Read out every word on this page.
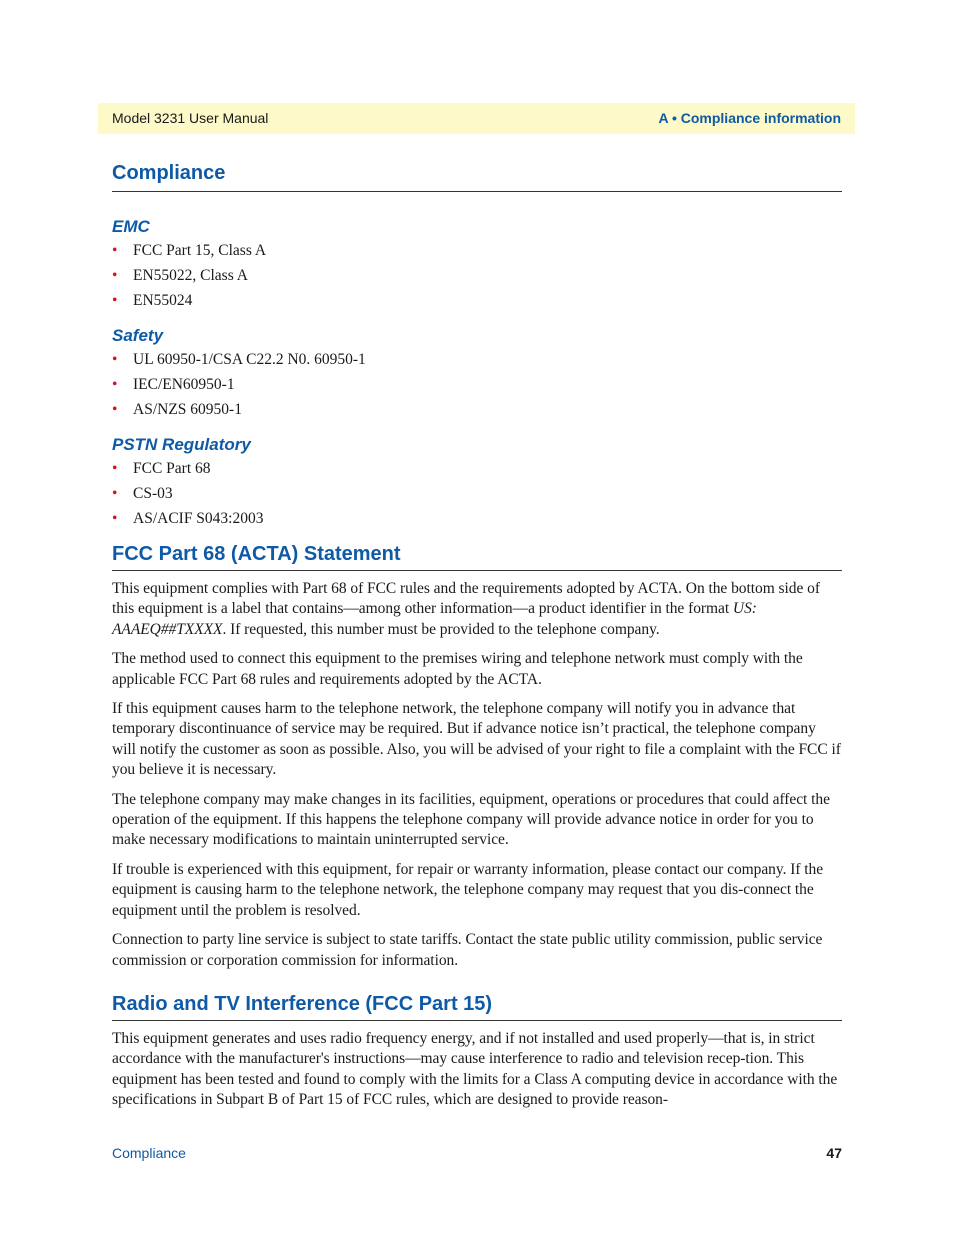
Model 3231 User Manual	A • Compliance information
Compliance
EMC
• FCC Part 15, Class A
• EN55022, Class A
• EN55024
Safety
• UL 60950-1/CSA C22.2 N0. 60950-1
• IEC/EN60950-1
• AS/NZS 60950-1
PSTN Regulatory
• FCC Part 68
• CS-03
• AS/ACIF S043:2003
FCC Part 68 (ACTA) Statement

This equipment complies with Part 68 of FCC rules and the requirements adopted by ACTA. On the bottom side of this equipment is a label that contains—among other information—a product identifier in the format US: AAAEQ##TXXXX. If requested, this number must be provided to the telephone company.

The method used to connect this equipment to the premises wiring and telephone network must comply with the applicable FCC Part 68 rules and requirements adopted by the ACTA.

If this equipment causes harm to the telephone network, the telephone company will notify you in advance that temporary discontinuance of service may be required. But if advance notice isn’t practical, the telephone company will notify the customer as soon as possible. Also, you will be advised of your right to file a complaint with the FCC if you believe it is necessary.

The telephone company may make changes in its facilities, equipment, operations or procedures that could affect the operation of the equipment. If this happens the telephone company will provide advance notice in order for you to make necessary modifications to maintain uninterrupted service.

If trouble is experienced with this equipment, for repair or warranty information, please contact our company. If the equipment is causing harm to the telephone network, the telephone company may request that you dis-connect the equipment until the problem is resolved.

Connection to party line service is subject to state tariffs. Contact the state public utility commission, public service commission or corporation commission for information.

Radio and TV Interference (FCC Part 15)

This equipment generates and uses radio frequency energy, and if not installed and used properly—that is, in strict accordance with the manufacturer's instructions—may cause interference to radio and television recep-tion. This equipment has been tested and found to comply with the limits for a Class A computing device in accordance with the specifications in Subpart B of Part 15 of FCC rules, which are designed to provide reason-

Compliance	47
